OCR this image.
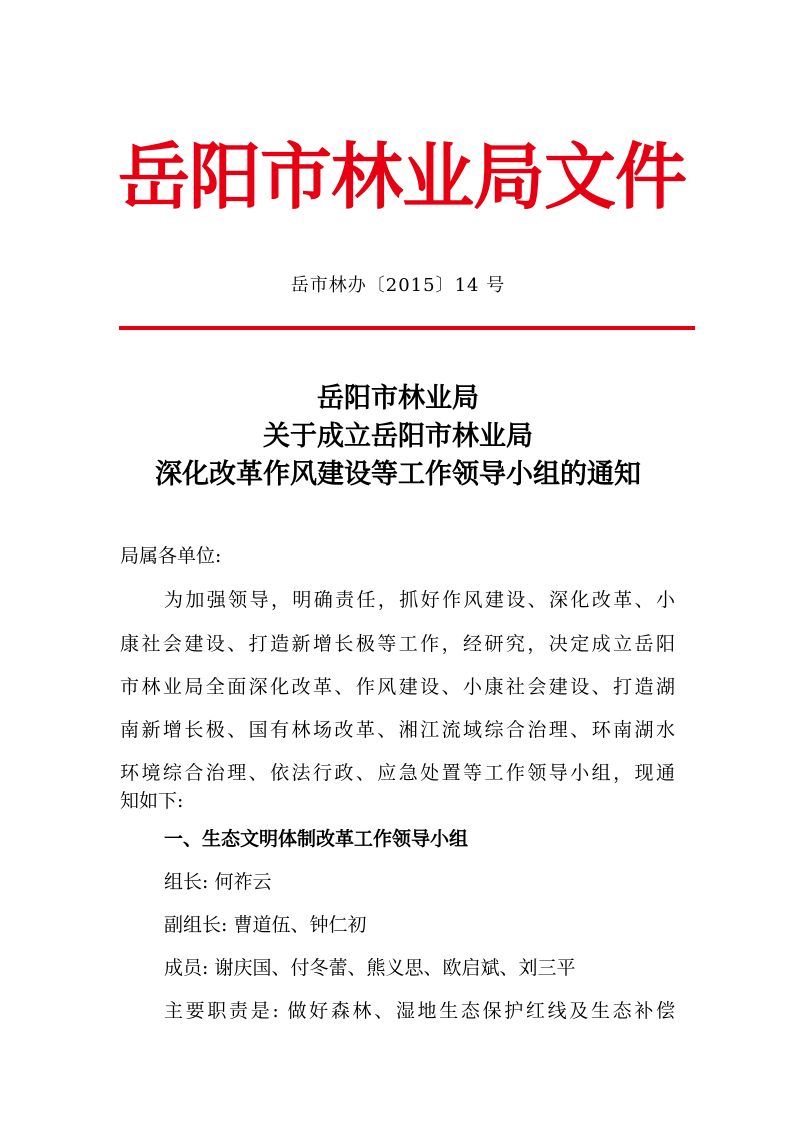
岳阳市林业局文件
岳市林办〔2015〕14 号
岳阳市林业局
关于成立岳阳市林业局
深化改革作风建设等工作领导小组的通知
局属各单位:
为加强领导，明确责任，抓好作风建设、深化改革、小
康社会建设、打造新增长极等工作，经研究，决定成立岳阳
市林业局全面深化改革、作风建设、小康社会建设、打造湖
南新增长极、国有林场改革、湘江流域综合治理、环南湖水
环境综合治理、依法行政、应急处置等工作领导小组，现通
知如下:
一、生态文明体制改革工作领导小组
组长: 何祚云
副组长: 曹道伍、钟仁初
成员: 谢庆国、付冬蕾、熊义思、欧启斌、刘三平
主要职责是: 做好森林、湿地生态保护红线及生态补偿
